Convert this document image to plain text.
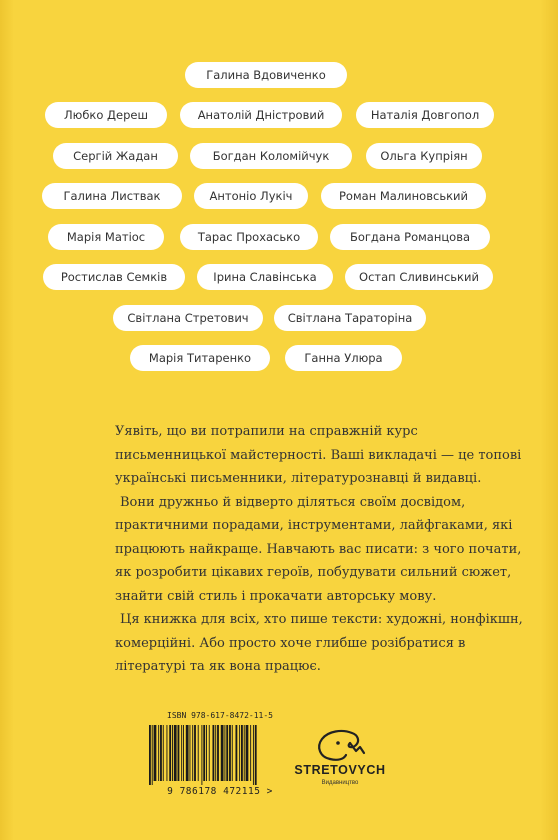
Галина Вдовиченко
Любко Дереш	Анатолій Дністровий	Наталія Довгопол
Сергій Жадан	Богдан Коломійчук	Ольга Купріян
Галина Листвак	Антоніо Лукіч	Роман Малиновський
Марія Матіос	Тарас Прохасько	Богдана Романцова
Ростислав Семків	Ірина Славінська	Остап Сливинський
Світлана Стретович	Світлана Тараторіна
Марія Титаренко	Ганна Улюра

Уявіть, що ви потрапили на справжній курс письменницької майстерності. Ваші викладачі — це топові українські письменники, літературознавці й видавці.

Вони дружньо й відверто діляться своїм досвідом, практичними порадами, інструментами, лайфгаками, які працюють найкраще. Навчають вас писати: з чого почати, як розробити цікавих героїв, побудувати сильний сюжет, знайти свій стиль і прокачати авторську мову.

Ця книжка для всіх, хто пише тексти: художні, нонфікшн, комерційні. Або просто хоче глибше розібратися в літературі та як вона працює.

ISBN 978-617-8472-11-5
9 786178 472115 >
STRETOVYCH
Видавництво
